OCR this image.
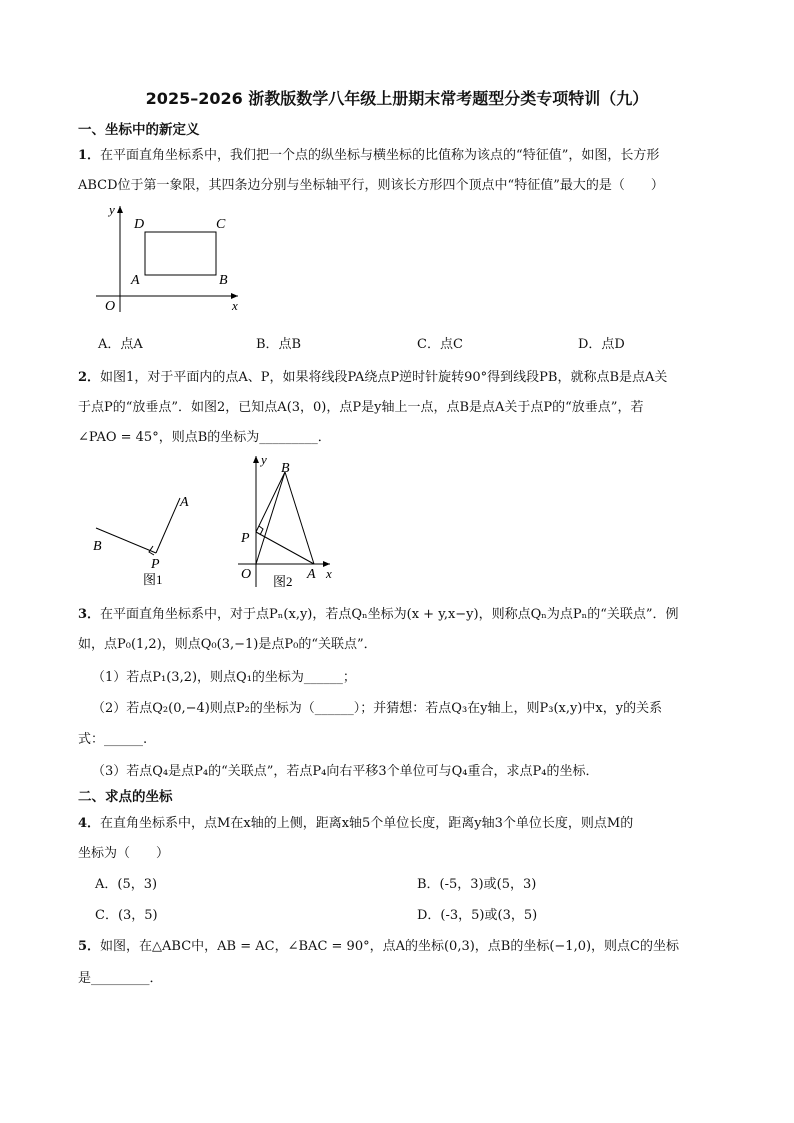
2025–2026 浙教版数学八年级上册期末常考题型分类专项特训（九）
一、坐标中的新定义
1．在平面直角坐标系中，我们把一个点的纵坐标与横坐标的比值称为该点的“特征值”，如图，长方形
ABCD位于第一象限，其四条边分别与坐标轴平行，则该长方形四个顶点中“特征值”最大的是（　　）
y
x
O
D	C
A	B
A．点A	B．点B	C．点C	D．点D
2．如图1，对于平面内的点A、P，如果将线段PA绕点P逆时针旋转90°得到线段PB，就称点B是点A关
于点P的“放垂点”．如图2，已知点A(3，0)，点P是y轴上一点，点B是点A关于点P的“放垂点”，若
∠PAO = 45°，则点B的坐标为_________．
A
B
P
图1
y
B
P
O	A x
图2
3．在平面直角坐标系中，对于点Pₙ(x,y)，若点Qₙ坐标为(x + y,x−y)，则称点Qₙ为点Pₙ的“关联点”．例
如，点P₀(1,2)，则点Q₀(3,−1)是点P₀的“关联点”．
（1）若点P₁(3,2)，则点Q₁的坐标为______；
（2）若点Q₂(0,−4)则点P₂的坐标为（______）；并猜想：若点Q₃在y轴上，则P₃(x,y)中x，y的关系
式：______.
（3）若点Q₄是点P₄的“关联点”，若点P₄向右平移3个单位可与Q₄重合，求点P₄的坐标．
二、求点的坐标
4．在直角坐标系中，点M在x轴的上侧，距离x轴5个单位长度，距离y轴3个单位长度，则点M的
坐标为（　　）
A．(5，3)	B．(-5，3)或(5，3)
C．(3，5)	D．(-3，5)或(3，5)
5．如图，在△ABC中，AB = AC，∠BAC = 90°，点A的坐标(0,3)，点B的坐标(−1,0)，则点C的坐标
是_________．
